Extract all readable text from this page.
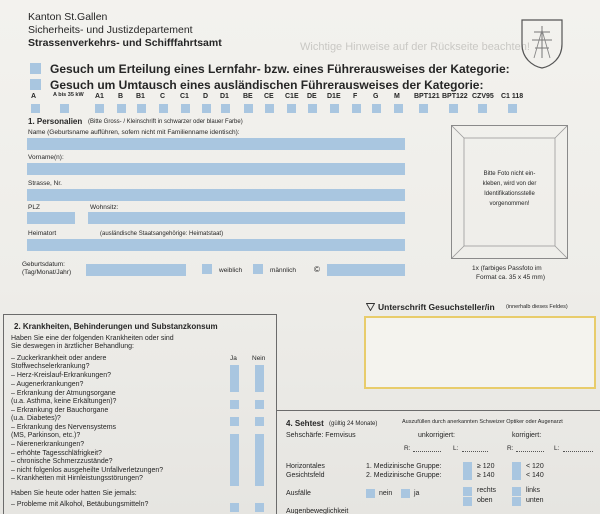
Kanton St.Gallen
Sicherheits- und Justizdepartement
Strassenverkehrs- und Schifffahrtsamt	Wichtige Hinweise auf der Rückseite beachten!
Gesuch um Erteilung eines Lernfahr- bzw. eines Führerausweises der Kategorie:
Gesuch um Umtausch eines ausländischen Führerausweises der Kategorie:
A	A bis 35 kW A1 B B1 C C1 D D1 BE CE C1E DE D1E F G M BPT121 BPT122 CZV95 C1 118
1. Personalien (Bitte Gross- / Kleinschrift in schwarzer oder blauer Farbe)
Name (Geburtsname aufführen, sofern nicht mit Familienname identisch):
Vorname(n):
Strasse, Nr.
PLZ	Wohnsitz:
Heimatort	(ausländische Staatsangehörige: Heimatstaat)
Geburtsdatum:
(Tag/Monat/Jahr)	weiblich	männlich ©
Bitte Foto nicht ein-
kleben, wird von der
Identifikationsstelle
vorgenommen!
1x (farbiges Passfoto im
Format ca. 35 x 45 mm)
Unterschrift Gesuchsteller/in (innerhalb dieses Feldes)
2. Krankheiten, Behinderungen und Substanzkonsum
Haben Sie eine der folgenden Krankheiten oder sind
Sie deswegen in ärztlicher Behandlung:
Ja Nein
– Zuckerkrankheit oder andere
Stoffwechselerkrankung?
– Herz-Kreislauf-Erkrankungen?
– Augenerkrankungen?
– Erkrankung der Atmungsorgane
(u.a. Asthma, keine Erkältungen)?
– Erkrankung der Bauchorgane
(u.a. Diabetes)?
– Erkrankung des Nervensystems
(MS, Parkinson, etc.)?
– Nierenerkrankungen?
– erhöhte Tagesschläfrigkeit?
– chronische Schmerzzustände?
– nicht folgenlos ausgeheilte Unfallverletzungen?
– Krankheiten mit Hirnleistungsstörungen?
Haben Sie heute oder hatten Sie jemals:
– Probleme mit Alkohol, Betäubungsmitteln?
4. Sehtest (gültig 24 Monate)	Auszufüllen durch anerkannten Schweizer Optiker oder Augenarzt
Sehschärfe: Fernvisus	unkorrigiert:	korrigiert:
R:	L:	R:	L:
Horizontales
Gesichtsfeld
1. Medizinische Gruppe:
2. Medizinische Gruppe:
≥ 120	< 120
≥ 140	< 140
Ausfälle	nein	ja	rechts	links
oben	unten
Augenbeweglichkeit
